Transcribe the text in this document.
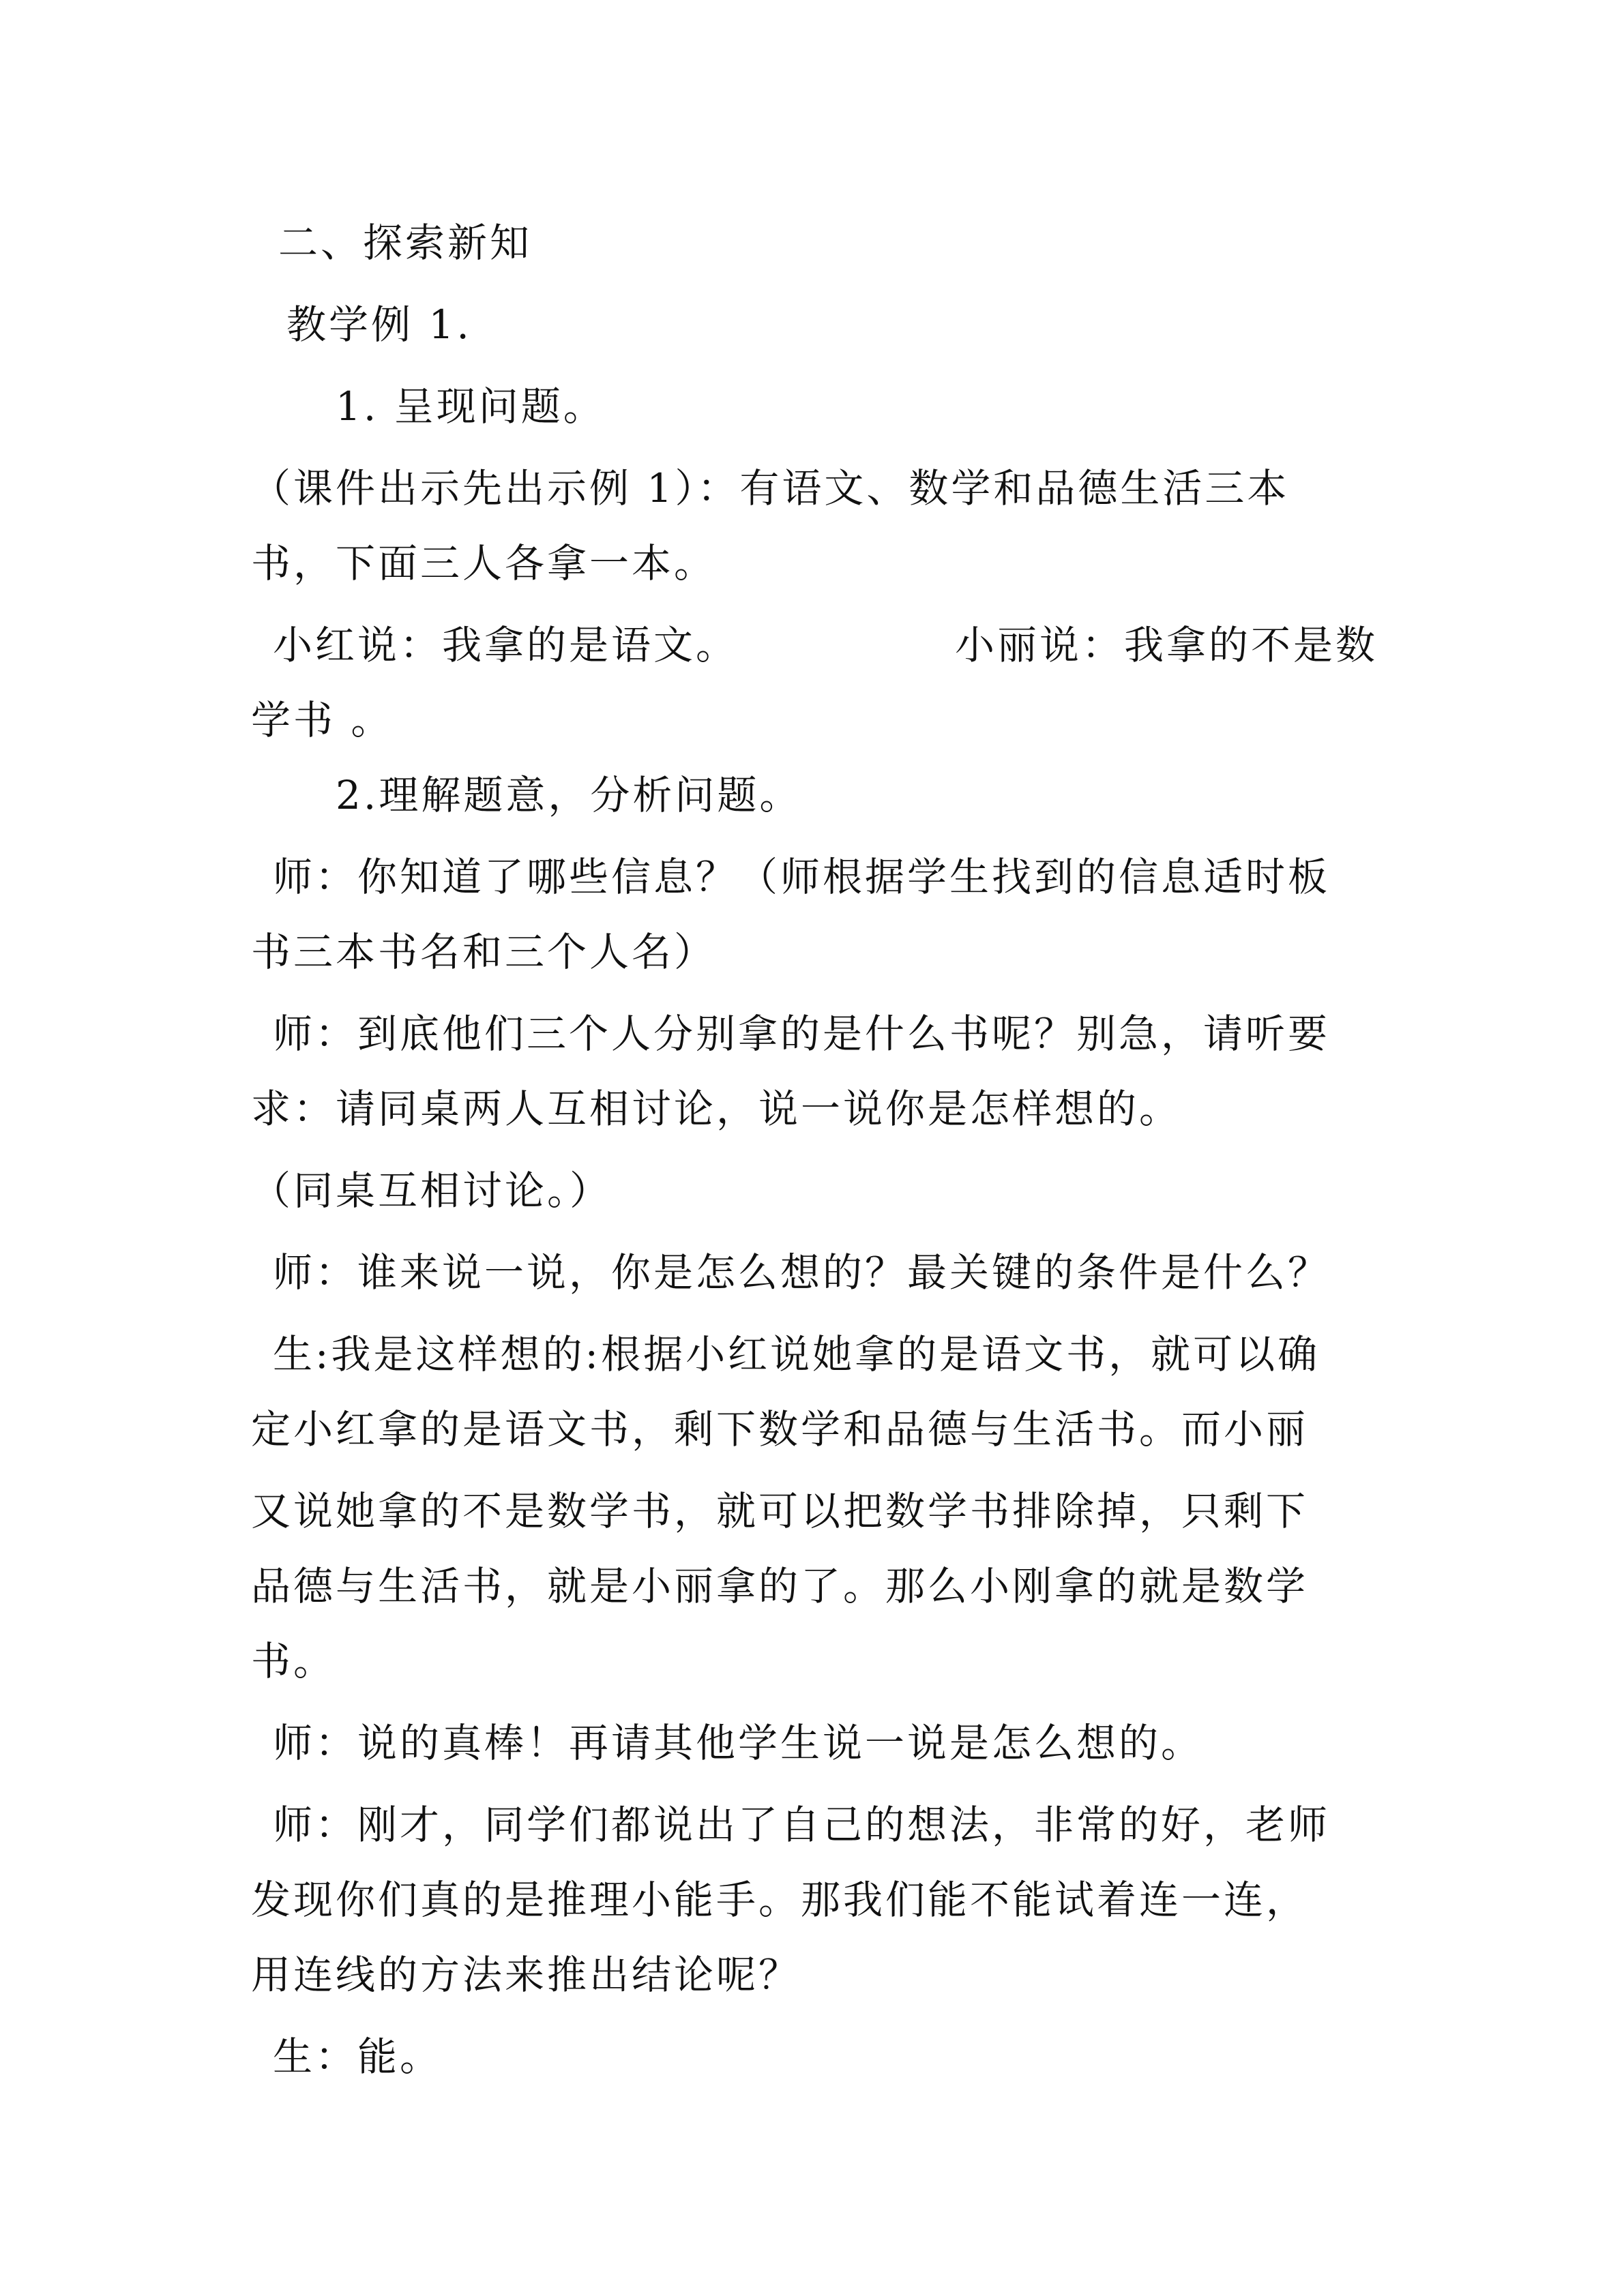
二、探索新知

教学例 1.

1. 呈现问题。

（课件出示先出示例 1）：有语文、数学和品德生活三本

书，下面三人各拿一本。

小红说：我拿的是语文。	小丽说：我拿的不是数

学书 。

2.理解题意，分析问题。

师：你知道了哪些信息？（师根据学生找到的信息适时板

书三本书名和三个人名）

师：到底他们三个人分别拿的是什么书呢？别急，请听要

求：请同桌两人互相讨论，说一说你是怎样想的。

（同桌互相讨论。）

师：谁来说一说，你是怎么想的？最关键的条件是什么？

生:我是这样想的:根据小红说她拿的是语文书，就可以确

定小红拿的是语文书，剩下数学和品德与生活书。而小丽

又说她拿的不是数学书，就可以把数学书排除掉，只剩下

品德与生活书，就是小丽拿的了。那么小刚拿的就是数学

书。

师：说的真棒！再请其他学生说一说是怎么想的。

师：刚才，同学们都说出了自己的想法，非常的好，老师

发现你们真的是推理小能手。那我们能不能试着连一连，

用连线的方法来推出结论呢？

生：能。
